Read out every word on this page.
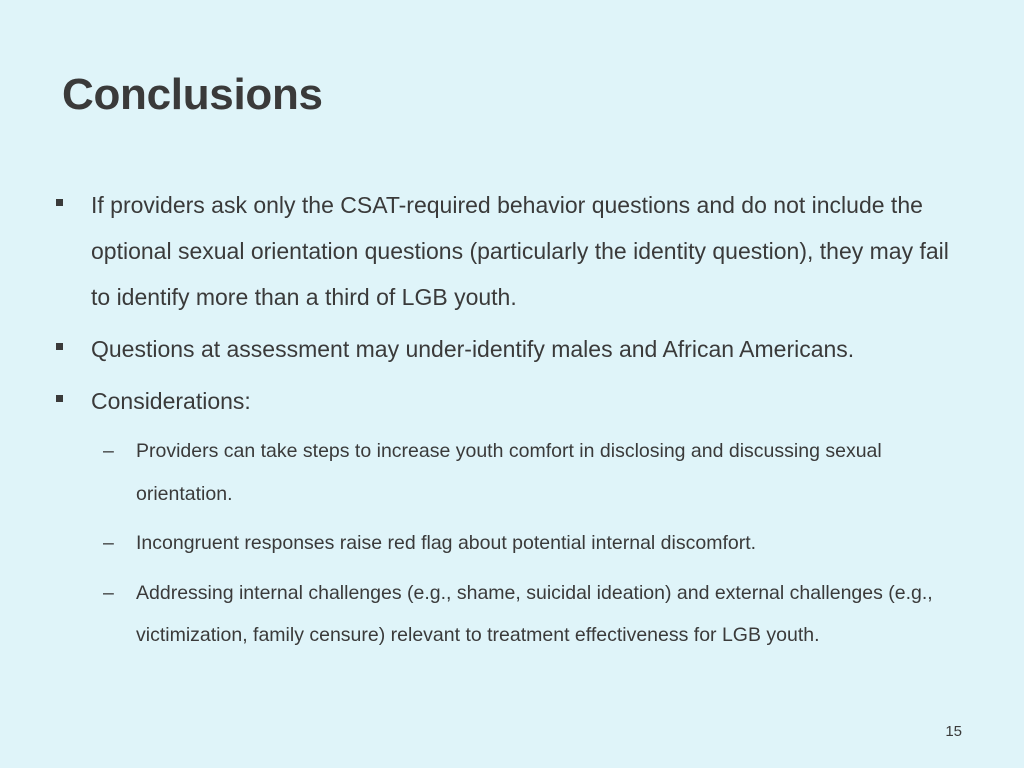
Conclusions
If providers ask only the CSAT-required behavior questions and do not include the optional sexual orientation questions (particularly the identity question), they may fail to identify more than a third of LGB youth.
Questions at assessment may under-identify males and African Americans.
Considerations:
– Providers can take steps to increase youth comfort in disclosing and discussing sexual orientation.
– Incongruent responses raise red flag about potential internal discomfort.
– Addressing internal challenges (e.g., shame, suicidal ideation) and external challenges (e.g., victimization, family censure) relevant to treatment effectiveness for LGB youth.
15
